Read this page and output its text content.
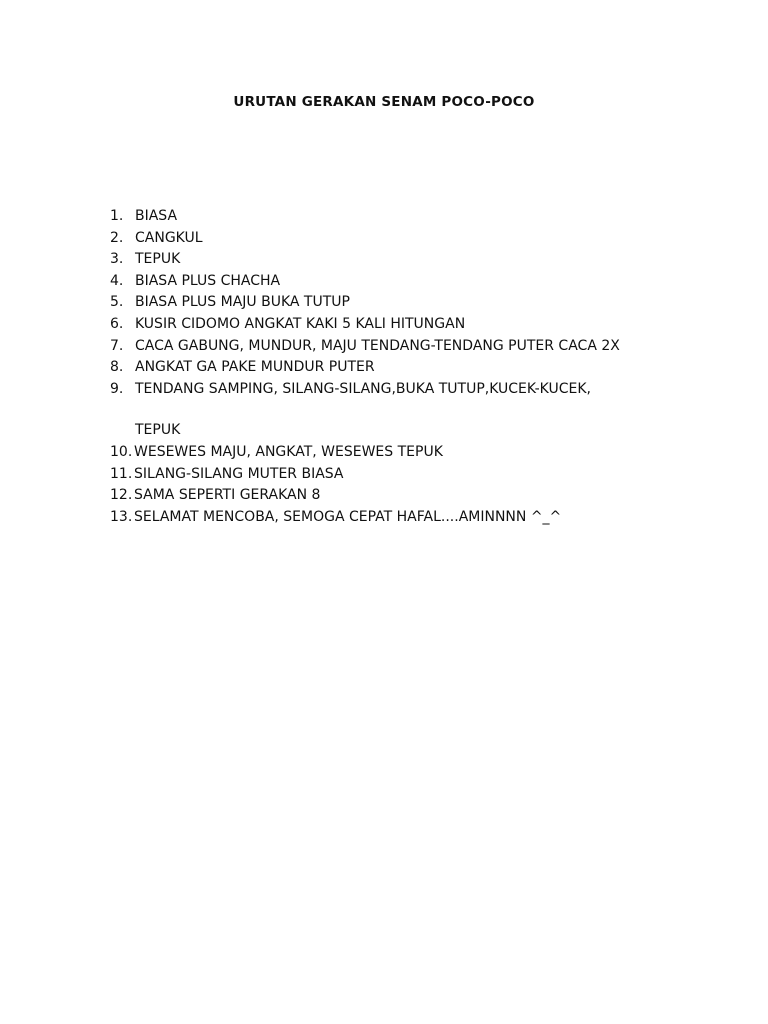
URUTAN GERAKAN SENAM POCO-POCO
1. BIASA
2. CANGKUL
3. TEPUK
4. BIASA PLUS CHACHA
5. BIASA PLUS MAJU BUKA TUTUP
6. KUSIR CIDOMO ANGKAT KAKI 5 KALI HITUNGAN
7. CACA GABUNG, MUNDUR, MAJU TENDANG-TENDANG PUTER CACA 2X
8. ANGKAT GA PAKE MUNDUR PUTER
9. TENDANG SAMPING, SILANG-SILANG,BUKA TUTUP,KUCEK-KUCEK,
TEPUK
10. WESEWES MAJU, ANGKAT, WESEWES TEPUK
11. SILANG-SILANG MUTER BIASA
12. SAMA SEPERTI GERAKAN 8
13. SELAMAT MENCOBA, SEMOGA CEPAT HAFAL....AMINNNN ^_^
